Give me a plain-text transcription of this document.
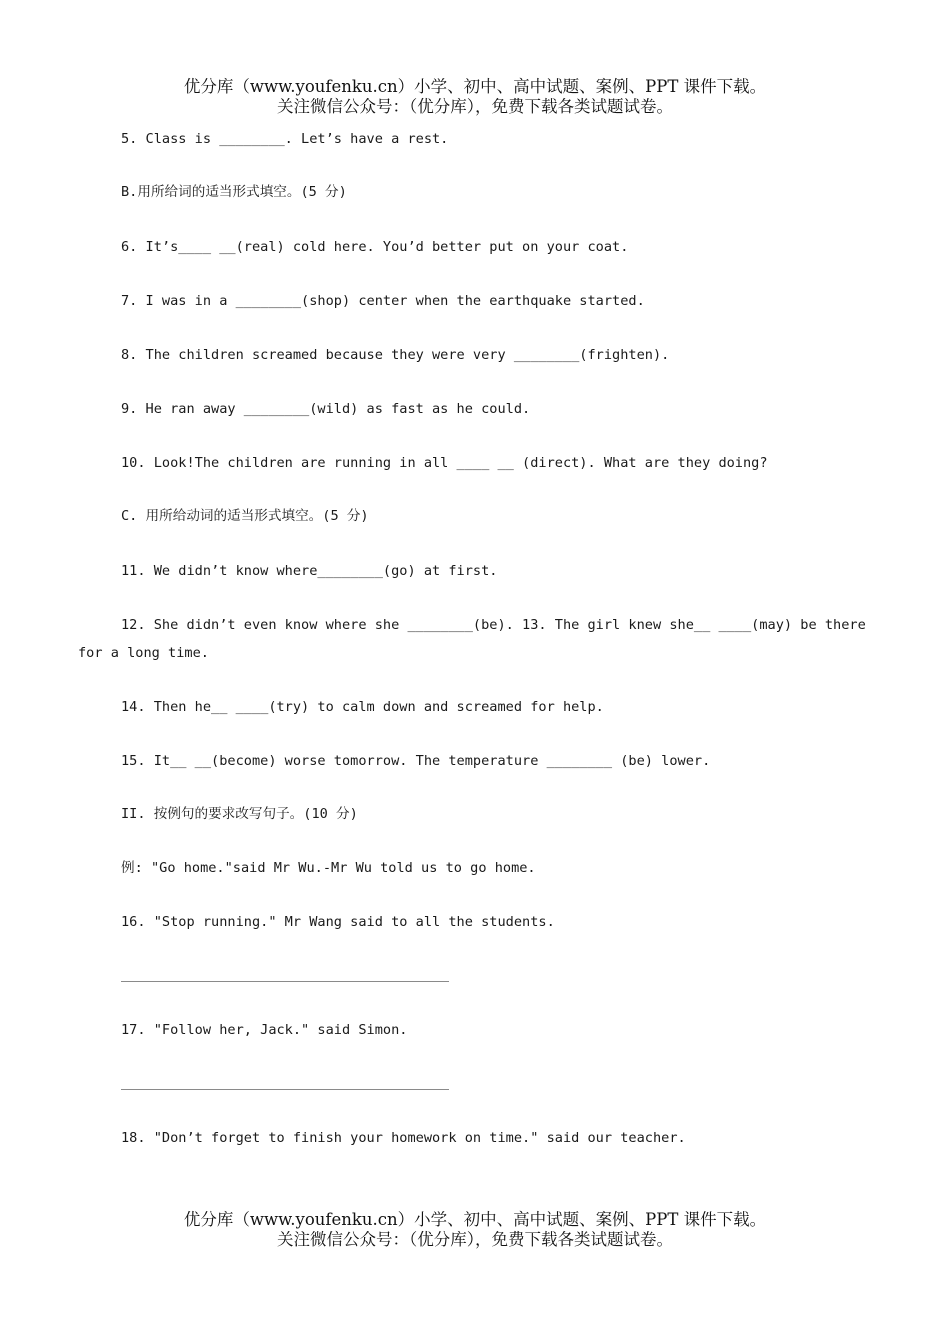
优分库（www.youfenku.cn）小学、初中、高中试题、案例、PPT 课件下载。
关注微信公众号：（优分库），免费下载各类试题试卷。
5. Class is ________. Let’s have a rest.
B.用所给词的适当形式填空。(5 分)
6. It’s____ __(real) cold here. You’d better put on your coat.
7. I was in a ________(shop) center when the earthquake started.
8. The children screamed because they were very ________(frighten).
9. He ran away ________(wild) as fast as he could.
10. Look!The children are running in all ____ __ (direct). What are they doing?
C. 用所给动词的适当形式填空。(5 分)
11. We didn’t know where________(go) at first.
12. She didn’t even know where she ________(be). 13. The girl knew she__ ____(may) be there
for a long time.
14. Then he__ ____(try) to calm down and screamed for help.
15. It__ __(become) worse tomorrow. The temperature ________ (be) lower.
II. 按例句的要求改写句子。(10 分)
例: "Go home."said Mr Wu.-Mr Wu told us to go home.
16. "Stop running." Mr Wang said to all the students.
17. "Follow her, Jack." said Simon.
18. "Don’t forget to finish your homework on time." said our teacher.
优分库（www.youfenku.cn）小学、初中、高中试题、案例、PPT 课件下载。
关注微信公众号：（优分库），免费下载各类试题试卷。
